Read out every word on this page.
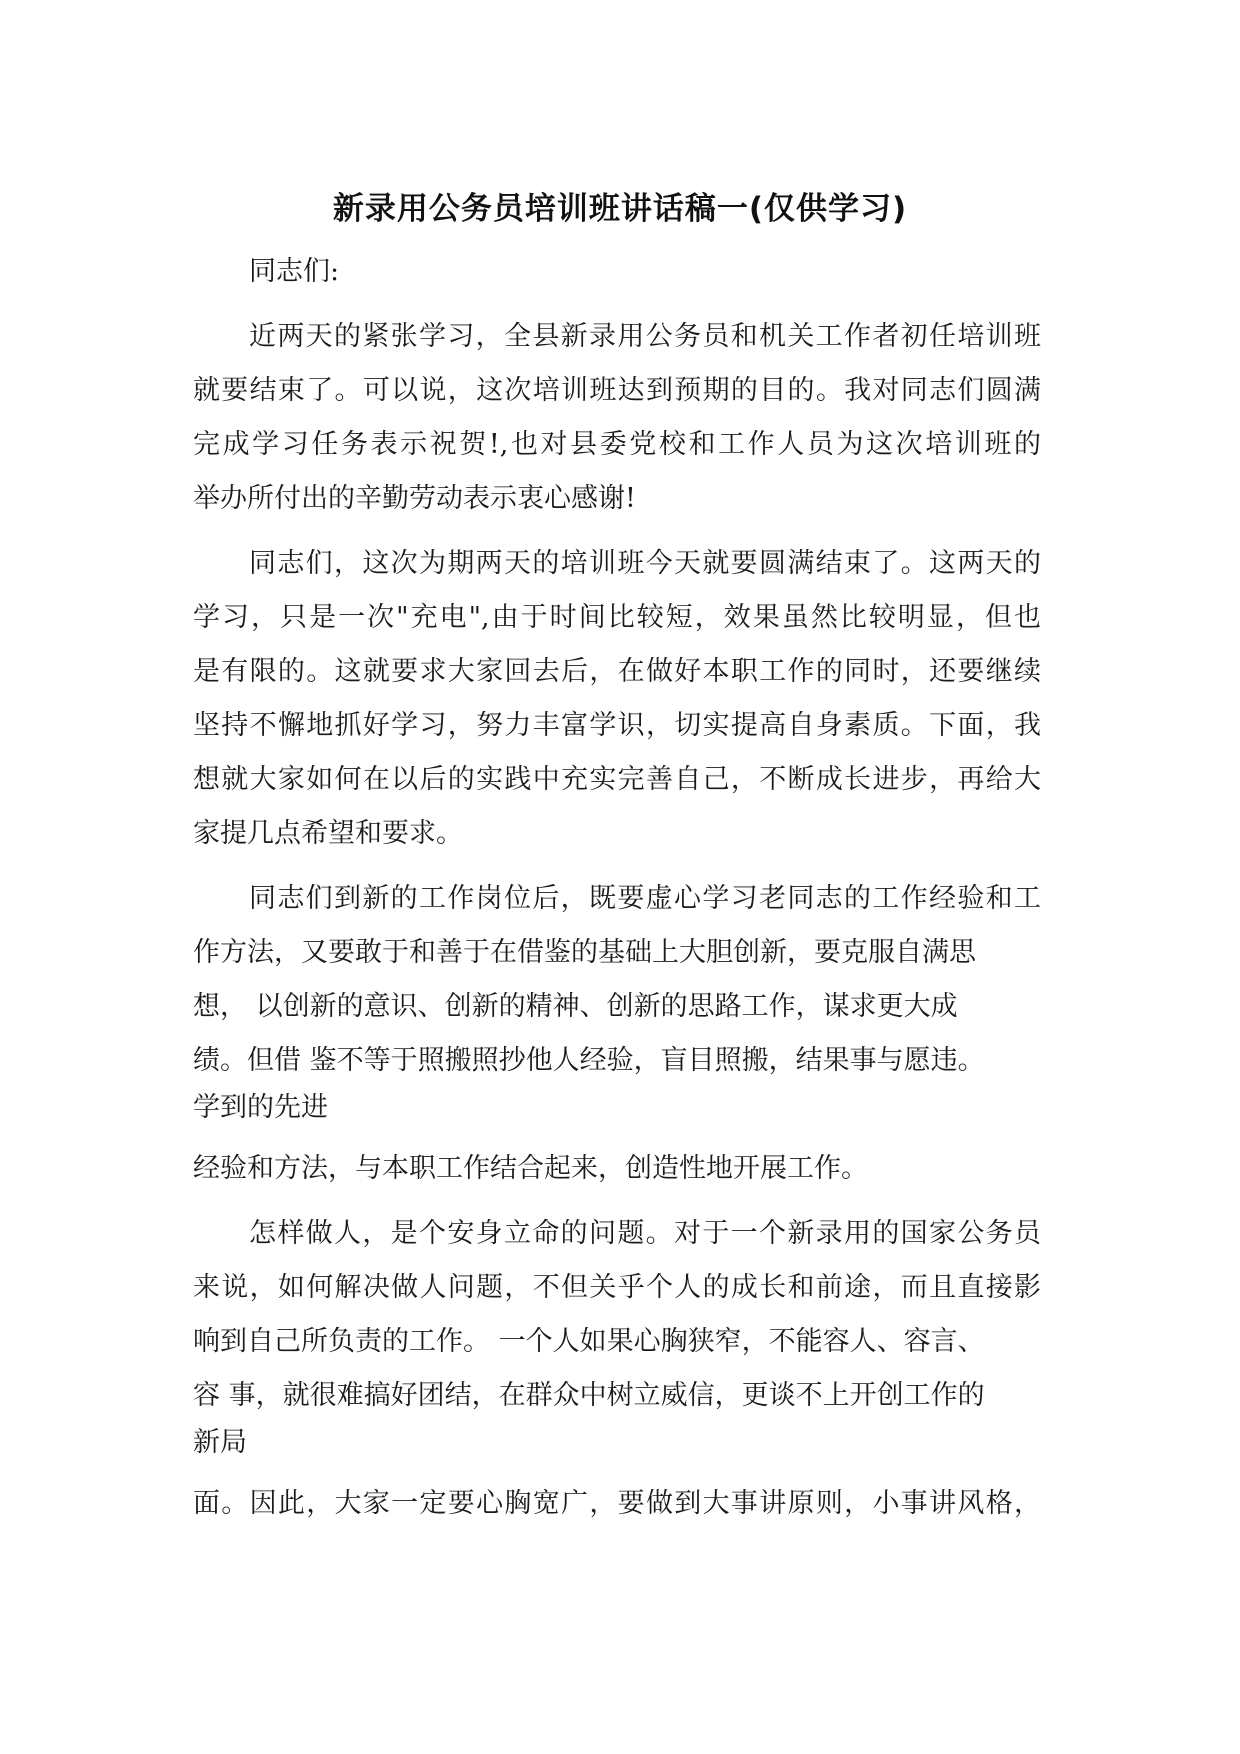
新录用公务员培训班讲话稿一(仅供学习)
同志们:
近两天的紧张学习，全县新录用公务员和机关工作者初任培训班
就要结束了。可以说，这次培训班达到预期的目的。我对同志们圆满
完成学习任务表示祝贺!,也对县委党校和工作人员为这次培训班的
举办所付出的辛勤劳动表示衷心感谢!
同志们，这次为期两天的培训班今天就要圆满结束了。这两天的
学习，只是一次"充电",由于时间比较短，效果虽然比较明显，但也
是有限的。这就要求大家回去后，在做好本职工作的同时，还要继续
坚持不懈地抓好学习，努力丰富学识，切实提高自身素质。下面，我
想就大家如何在以后的实践中充实完善自己，不断成长进步，再给大
家提几点希望和要求。
同志们到新的工作岗位后，既要虚心学习老同志的工作经验和工
作方法，又要敢于和善于在借鉴的基础上大胆创新，要克服自满思
想， 以创新的意识、创新的精神、创新的思路工作，谋求更大成
绩。但借 鉴不等于照搬照抄他人经验，盲目照搬，结果事与愿违。
学到的先进
经验和方法，与本职工作结合起来，创造性地开展工作。
怎样做人，是个安身立命的问题。对于一个新录用的国家公务员
来说，如何解决做人问题，不但关乎个人的成长和前途，而且直接影
响到自己所负责的工作。 一个人如果心胸狭窄，不能容人、容言、
容 事，就很难搞好团结，在群众中树立威信，更谈不上开创工作的
新局
面。因此，大家一定要心胸宽广，要做到大事讲原则，小事讲风格，
